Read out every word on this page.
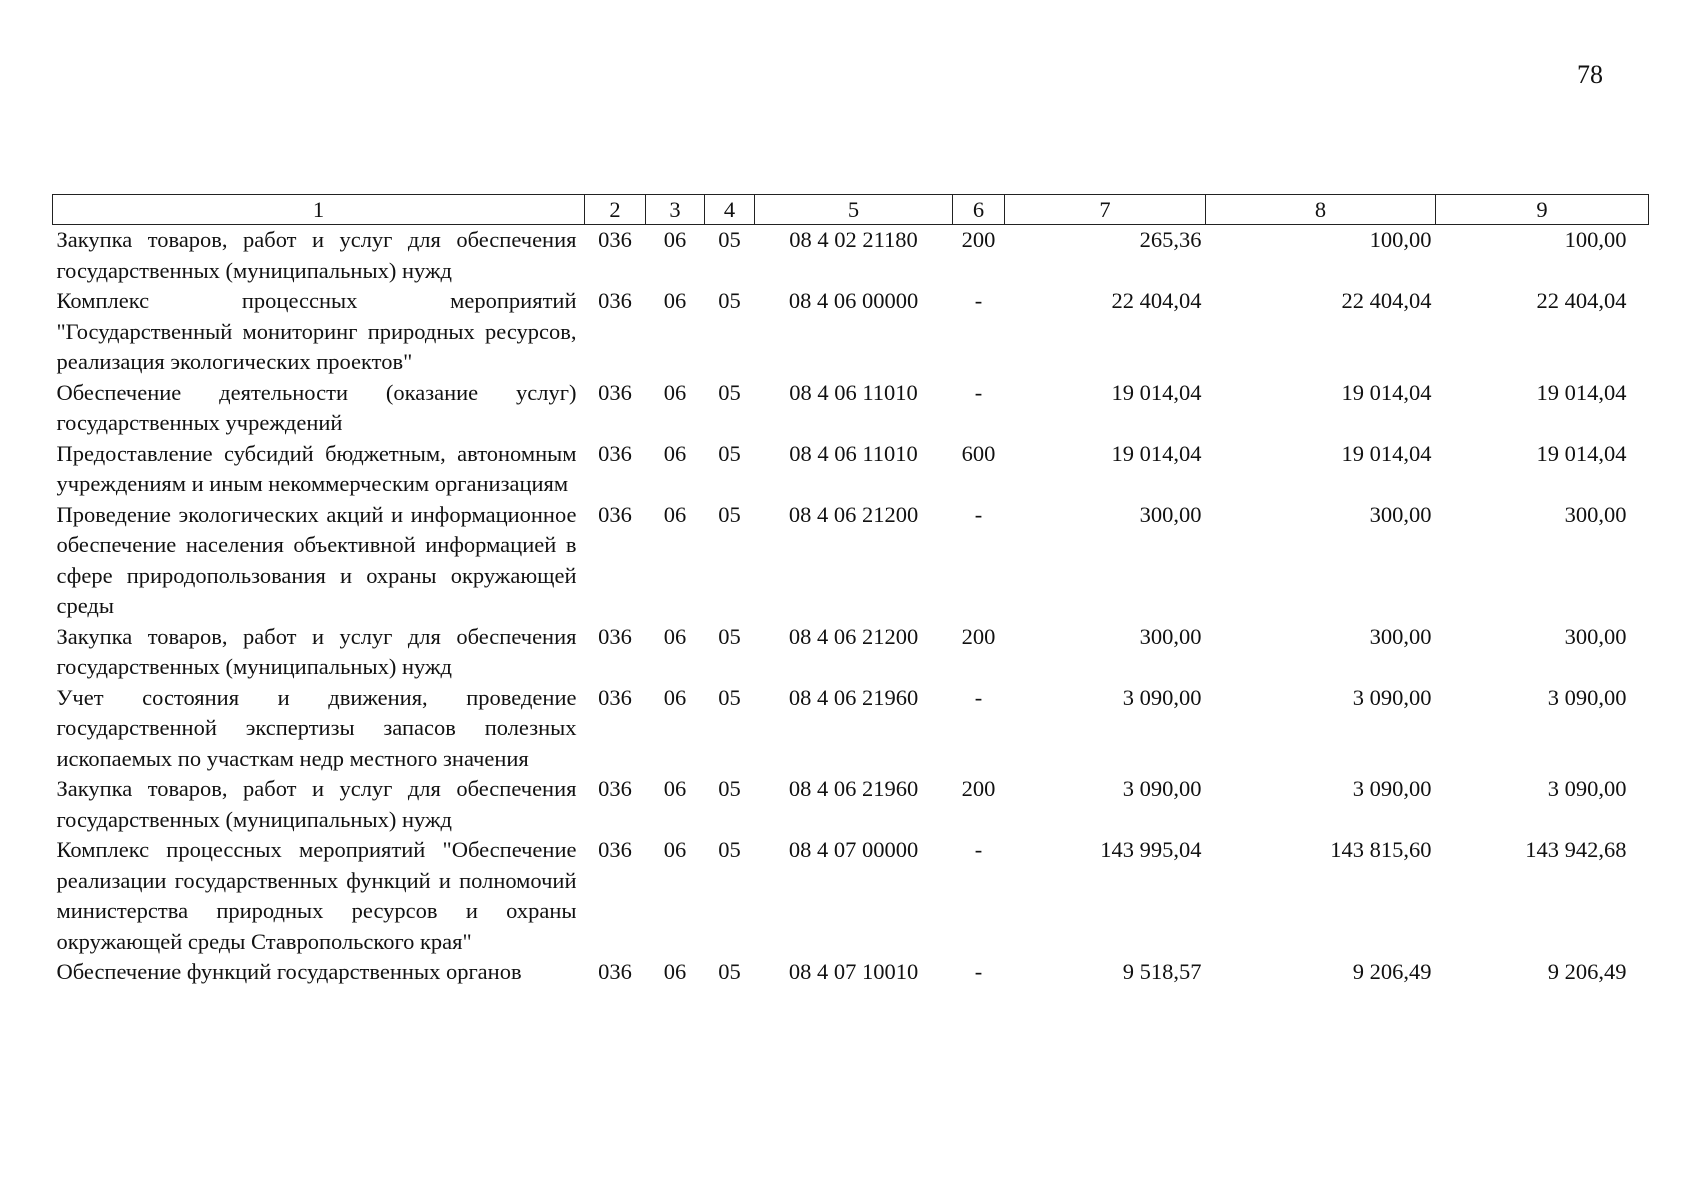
78
1	2	3	4	5	6	7	8	9
Закупка товаров, работ и услуг для обеспечения государственных (муниципальных) нужд	036	06	05	08 4 02 21180	200	265,36	100,00	100,00
Комплекс процессных мероприятий "Государственный мониторинг природных ресурсов, реализация экологических проектов"	036	06	05	08 4 06 00000	-	22 404,04	22 404,04	22 404,04
Обеспечение деятельности (оказание услуг) государственных учреждений	036	06	05	08 4 06 11010	-	19 014,04	19 014,04	19 014,04
Предоставление субсидий бюджетным, автономным учреждениям и иным некоммерческим организациям	036	06	05	08 4 06 11010	600	19 014,04	19 014,04	19 014,04
Проведение экологических акций и информационное обеспечение населения объективной информацией в сфере природопользования и охраны окружающей среды	036	06	05	08 4 06 21200	-	300,00	300,00	300,00
Закупка товаров, работ и услуг для обеспечения государственных (муниципальных) нужд	036	06	05	08 4 06 21200	200	300,00	300,00	300,00
Учет состояния и движения, проведение государственной экспертизы запасов полезных ископаемых по участкам недр местного значения	036	06	05	08 4 06 21960	-	3 090,00	3 090,00	3 090,00
Закупка товаров, работ и услуг для обеспечения государственных (муниципальных) нужд	036	06	05	08 4 06 21960	200	3 090,00	3 090,00	3 090,00
Комплекс процессных мероприятий "Обеспечение реализации государственных функций и полномочий министерства природных ресурсов и охраны окружающей среды Ставропольского края"	036	06	05	08 4 07 00000	-	143 995,04	143 815,60	143 942,68
Обеспечение функций государственных органов	036	06	05	08 4 07 10010	-	9 518,57	9 206,49	9 206,49
